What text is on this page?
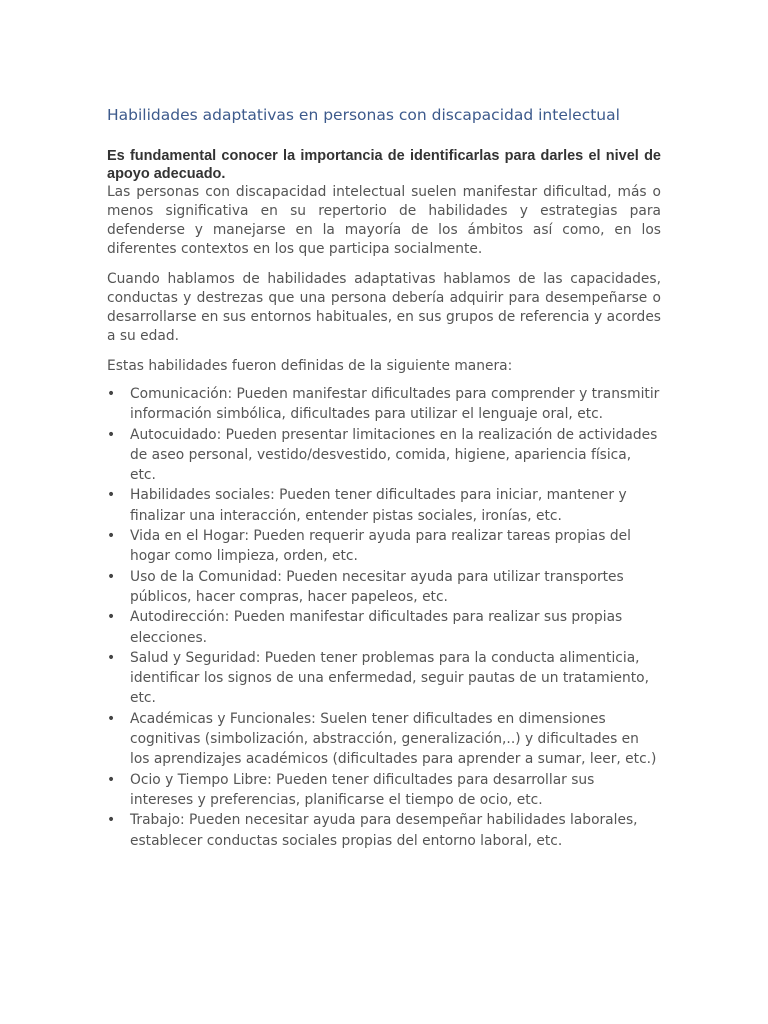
Habilidades adaptativas en personas con discapacidad intelectual

Es fundamental conocer la importancia de identificarlas para darles el nivel de apoyo adecuado.

Las personas con discapacidad intelectual suelen manifestar dificultad, más o menos significativa en su repertorio de habilidades y estrategias para defenderse y manejarse en la mayoría de los ámbitos así como, en los diferentes contextos en los que participa socialmente.

Cuando hablamos de habilidades adaptativas hablamos de las capacidades, conductas y destrezas que una persona debería adquirir para desempeñarse o desarrollarse en sus entornos habituales, en sus grupos de referencia y acordes a su edad.

Estas habilidades fueron definidas de la siguiente manera:

• Comunicación: Pueden manifestar dificultades para comprender y transmitir información simbólica, dificultades para utilizar el lenguaje oral, etc.
• Autocuidado: Pueden presentar limitaciones en la realización de actividades de aseo personal, vestido/desvestido, comida, higiene, apariencia física, etc.
• Habilidades sociales: Pueden tener dificultades para iniciar, mantener y finalizar una interacción, entender pistas sociales, ironías, etc.
• Vida en el Hogar: Pueden requerir ayuda para realizar tareas propias del hogar como limpieza, orden, etc.
• Uso de la Comunidad: Pueden necesitar ayuda para utilizar transportes públicos, hacer compras, hacer papeleos, etc.
• Autodirección: Pueden manifestar dificultades para realizar sus propias elecciones.
• Salud y Seguridad: Pueden tener problemas para la conducta alimenticia, identificar los signos de una enfermedad, seguir pautas de un tratamiento, etc.
• Académicas y Funcionales: Suelen tener dificultades en dimensiones cognitivas (simbolización, abstracción, generalización,..) y dificultades en los aprendizajes académicos (dificultades para aprender a sumar, leer, etc.)
• Ocio y Tiempo Libre: Pueden tener dificultades para desarrollar sus intereses y preferencias, planificarse el tiempo de ocio, etc.
• Trabajo: Pueden necesitar ayuda para desempeñar habilidades laborales, establecer conductas sociales propias del entorno laboral, etc.
